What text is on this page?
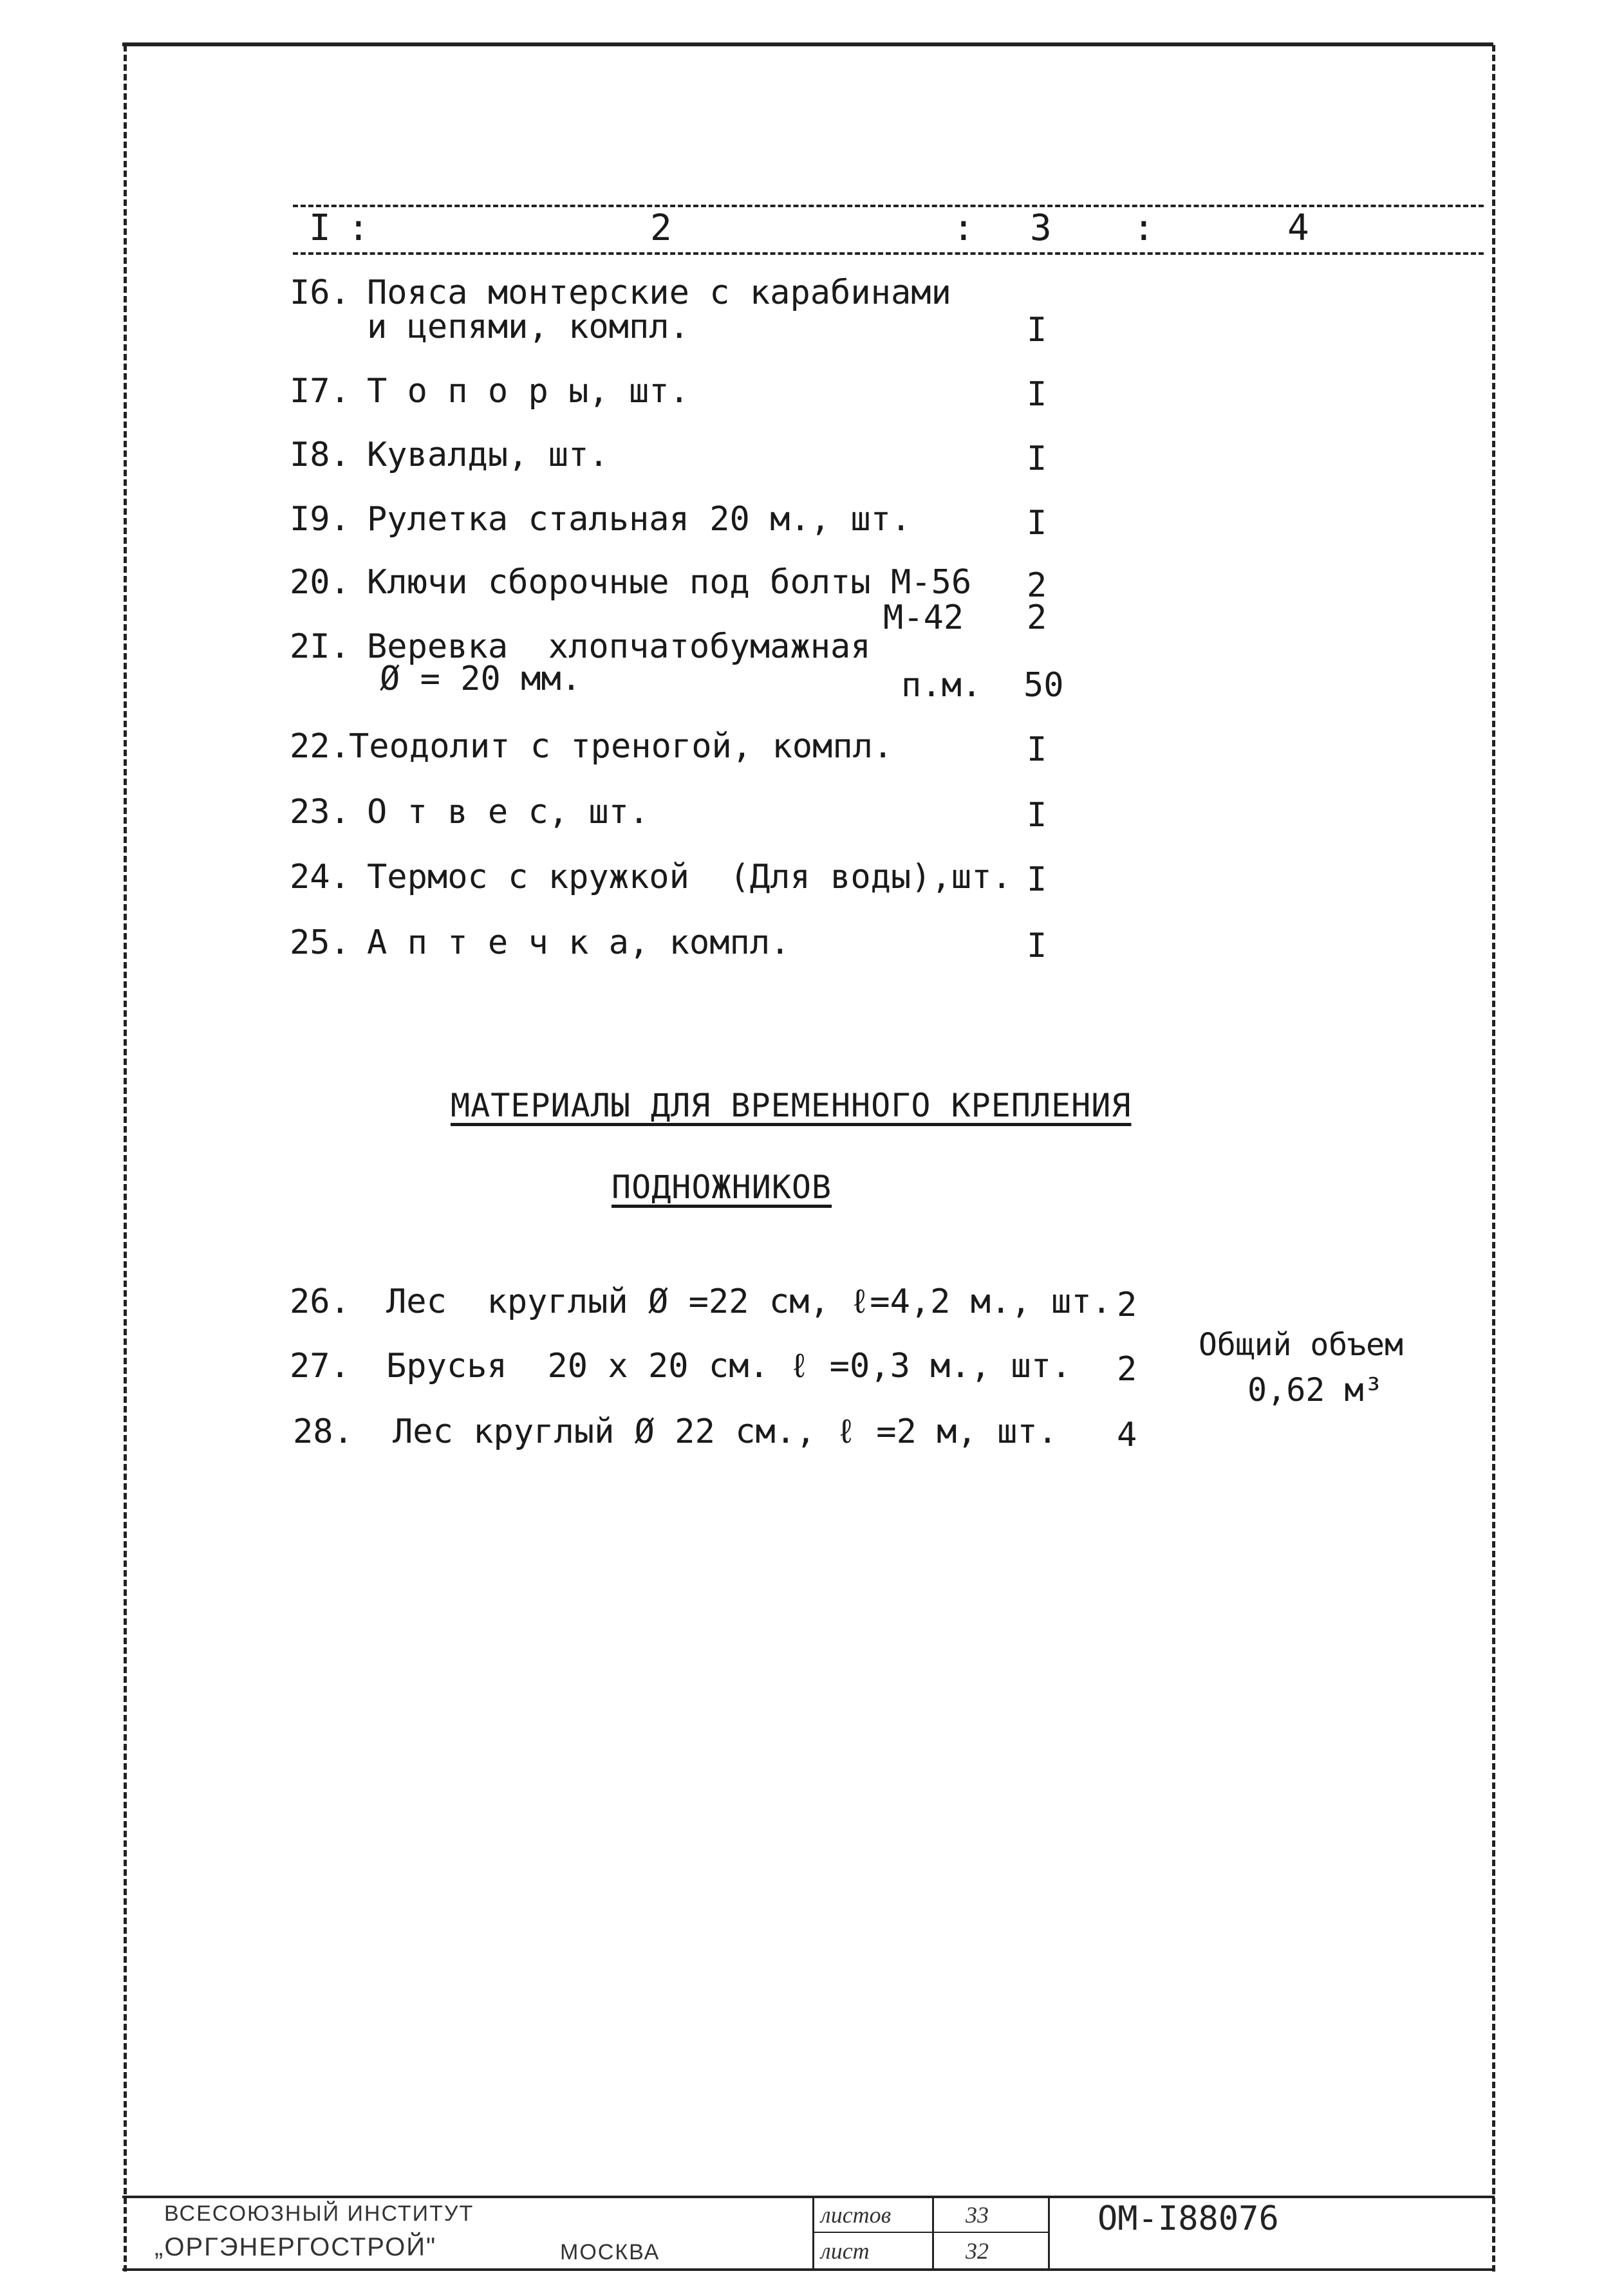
I :	2	: 3 :	4
I6. Пояса монтерские с карабинами
и цепями, компл.	I
I7. Т о п о р ы, шт.	I
I8. Кувалды, шт.	I
I9. Рулетка стальная 20 м., шт.	I
20. Ключи сборочные под болты М-56 2
М-42 2
2I. Веревка  хлопчатобумажная
Ø = 20 мм.	п.м. 50
22.
Теодолит с треногой, компл.	I
23. О т в е с, шт.	I
24. Термос с кружкой  (Для воды),шт. I
25. А п т е ч к а, компл.	I
МАТЕРИАЛЫ ДЛЯ ВРЕМЕННОГО КРЕПЛЕНИЯ
ПОДНОЖНИКОВ
26. Лес  круглый Ø =22 см, ℓ=4,2 м., шт. 2
27. Брусья  20 х 20 см. ℓ =0,3 м., шт. 2
28. Лес круглый Ø 22 см., ℓ =2 м, шт. 4
Общий объем
0,62 м³
ВСЕСОЮЗНЫЙ ИНСТИТУТ
„ОРГЭНЕРГОСТРОЙ"	МОСКВА
листов
лист
33
32
ОМ-I88076
